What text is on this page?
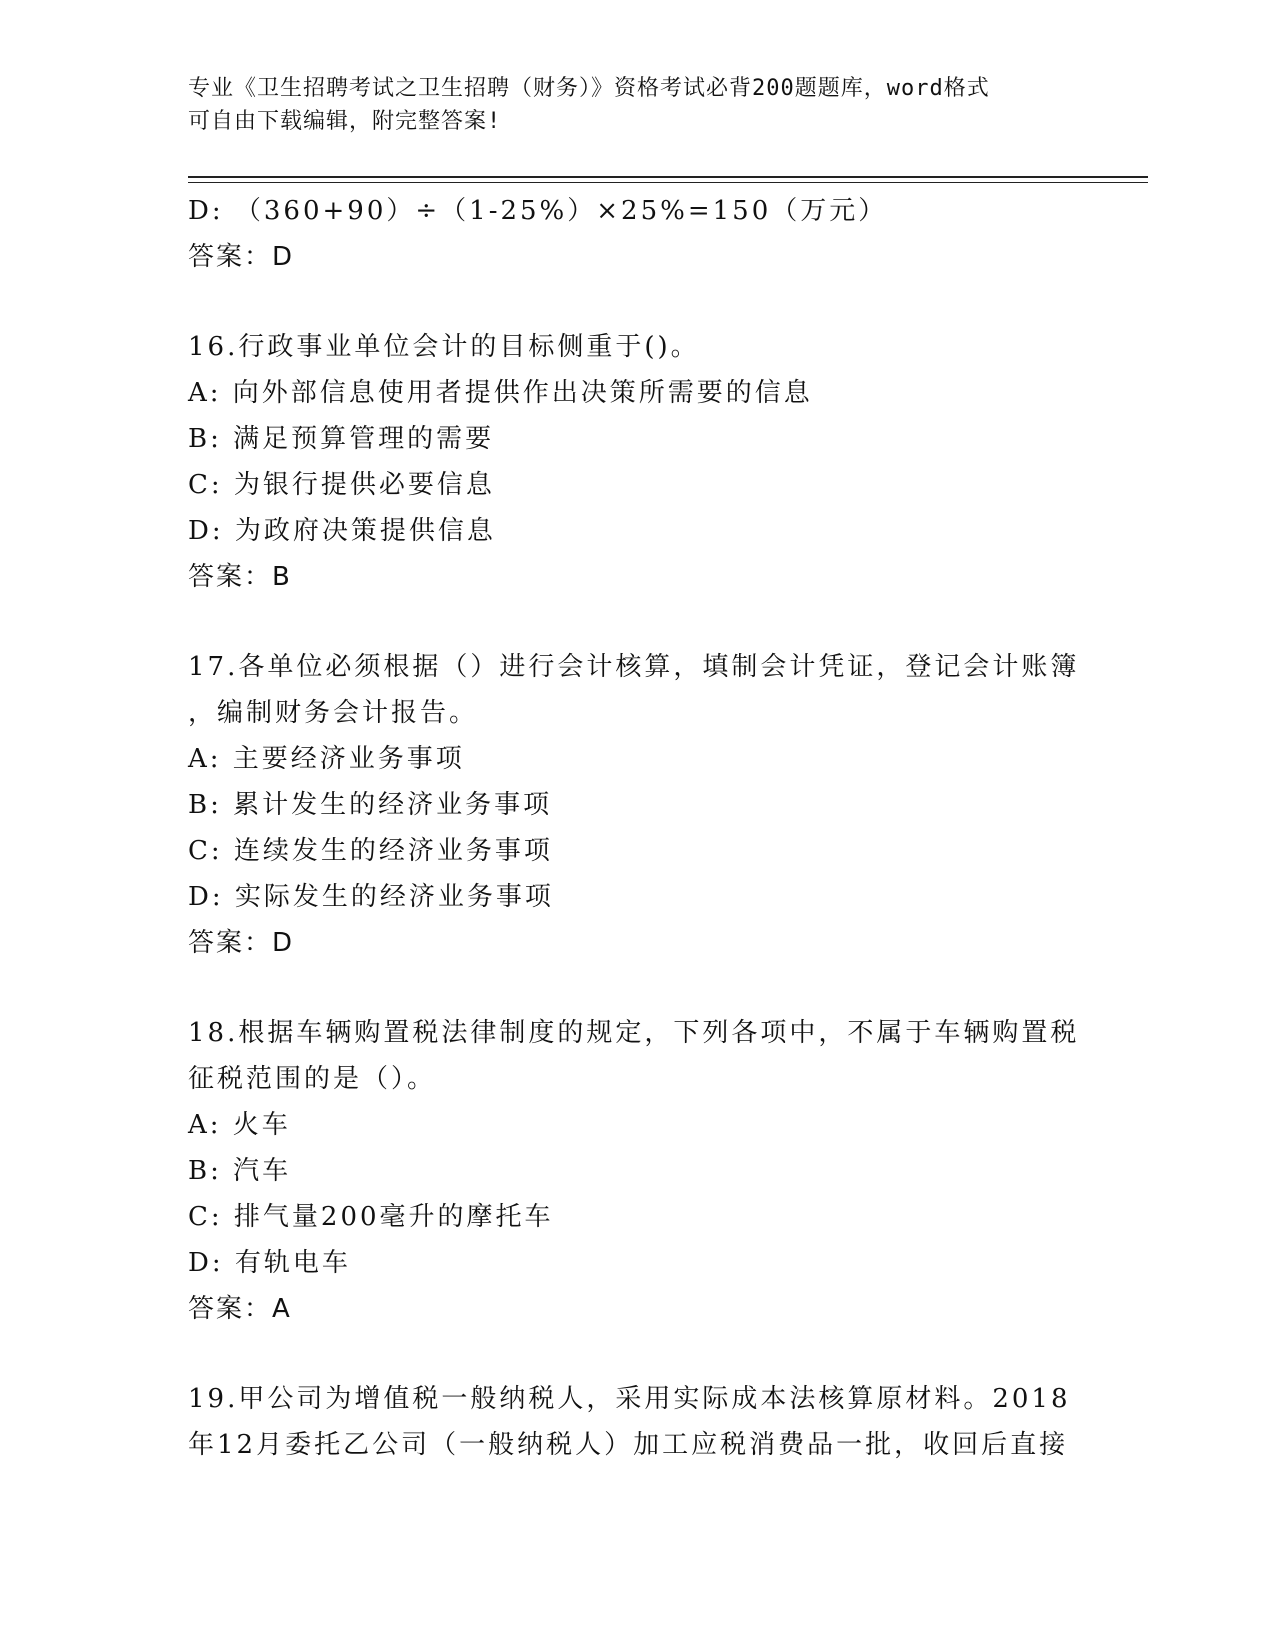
专业《卫生招聘考试之卫生招聘（财务）》资格考试必背200题题库，word格式
可自由下载编辑，附完整答案!
D: （360+90）÷（1-25%）×25%=150（万元）
答案：D
16.行政事业单位会计的目标侧重于()。
A: 向外部信息使用者提供作出决策所需要的信息
B: 满足预算管理的需要
C: 为银行提供必要信息
D: 为政府决策提供信息
答案：B
17.各单位必须根据（）进行会计核算，填制会计凭证，登记会计账簿
，编制财务会计报告。
A: 主要经济业务事项
B: 累计发生的经济业务事项
C: 连续发生的经济业务事项
D: 实际发生的经济业务事项
答案：D
18.根据车辆购置税法律制度的规定，下列各项中，不属于车辆购置税
征税范围的是（）。
A: 火车
B: 汽车
C: 排气量200毫升的摩托车
D: 有轨电车
答案：A
19.甲公司为增值税一般纳税人，采用实际成本法核算原材料。2018
年12月委托乙公司（一般纳税人）加工应税消费品一批，收回后直接
